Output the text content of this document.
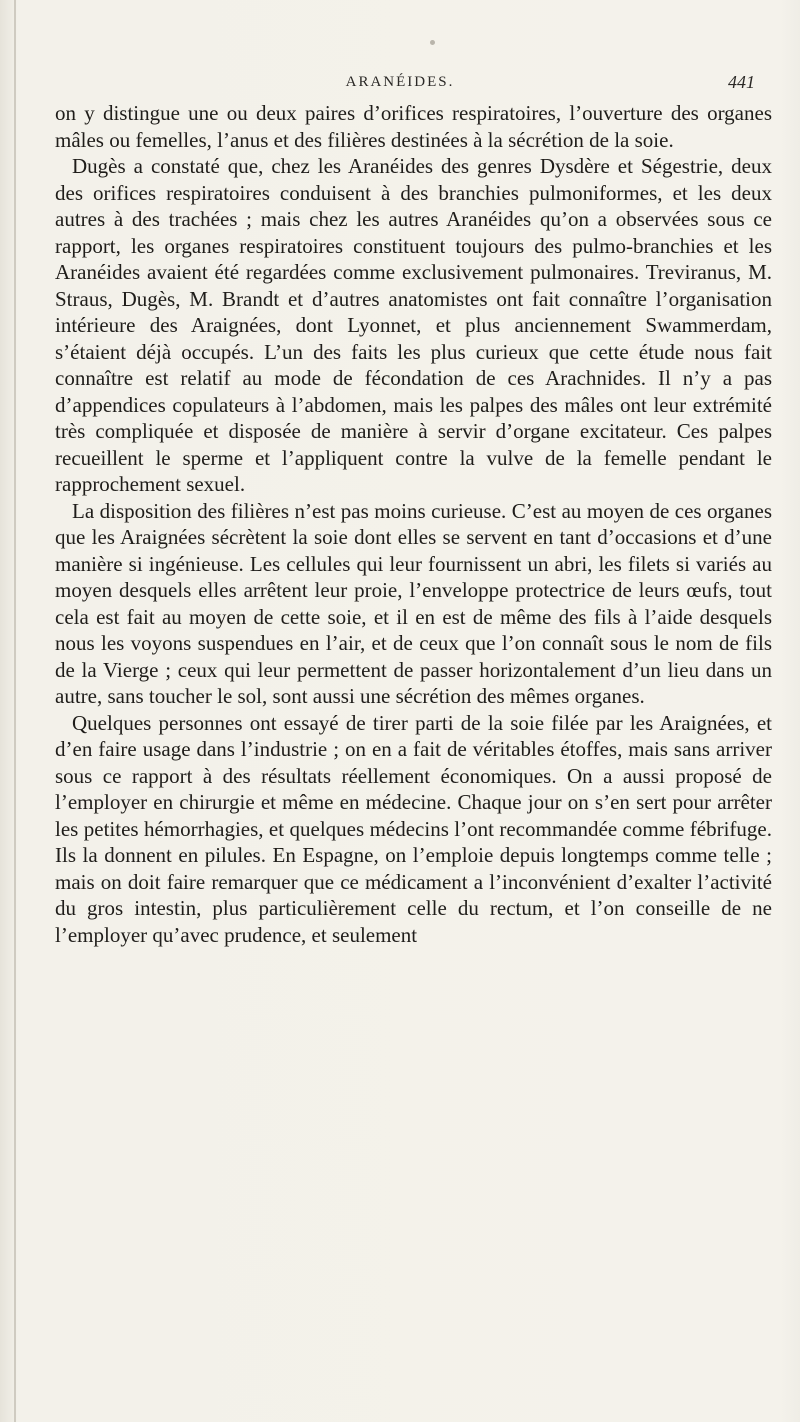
ARANÉIDES.	441

on y distingue une ou deux paires d’orifices respiratoires, l’ouverture des organes mâles ou femelles, l’anus et des filières destinées à la sécrétion de la soie.

Dugès a constaté que, chez les Aranéides des genres Dysdère et Ségestrie, deux des orifices respiratoires conduisent à des branchies pulmoniformes, et les deux autres à des trachées ; mais chez les autres Aranéides qu’on a observées sous ce rapport, les organes respiratoires constituent toujours des pulmo-branchies et les Aranéides avaient été regardées comme exclusivement pulmonaires. Treviranus, M. Straus, Dugès, M. Brandt et d’autres anatomistes ont fait connaître l’organisation intérieure des Araignées, dont Lyonnet, et plus anciennement Swammerdam, s’étaient déjà occupés. L’un des faits les plus curieux que cette étude nous fait connaître est relatif au mode de fécondation de ces Arachnides. Il n’y a pas d’appendices copulateurs à l’abdomen, mais les palpes des mâles ont leur extrémité très compliquée et disposée de manière à servir d’organe excitateur. Ces palpes recueillent le sperme et l’appliquent contre la vulve de la femelle pendant le rapprochement sexuel.

La disposition des filières n’est pas moins curieuse. C’est au moyen de ces organes que les Araignées sécrètent la soie dont elles se servent en tant d’occasions et d’une manière si ingénieuse. Les cellules qui leur fournissent un abri, les filets si variés au moyen desquels elles arrêtent leur proie, l’enveloppe protectrice de leurs œufs, tout cela est fait au moyen de cette soie, et il en est de même des fils à l’aide desquels nous les voyons suspendues en l’air, et de ceux que l’on connaît sous le nom de fils de la Vierge ; ceux qui leur permettent de passer horizontalement d’un lieu dans un autre, sans toucher le sol, sont aussi une sécrétion des mêmes organes.

Quelques personnes ont essayé de tirer parti de la soie filée par les Araignées, et d’en faire usage dans l’industrie ; on en a fait de véritables étoffes, mais sans arriver sous ce rapport à des résultats réellement économiques. On a aussi proposé de l’employer en chirurgie et même en médecine. Chaque jour on s’en sert pour arrêter les petites hémorrhagies, et quelques médecins l’ont recommandée comme fébrifuge. Ils la donnent en pilules. En Espagne, on l’emploie depuis longtemps comme telle ; mais on doit faire remarquer que ce médicament a l’inconvénient d’exalter l’activité du gros intestin, plus particulièrement celle du rectum, et l’on conseille de ne l’employer qu’avec prudence, et seulement
